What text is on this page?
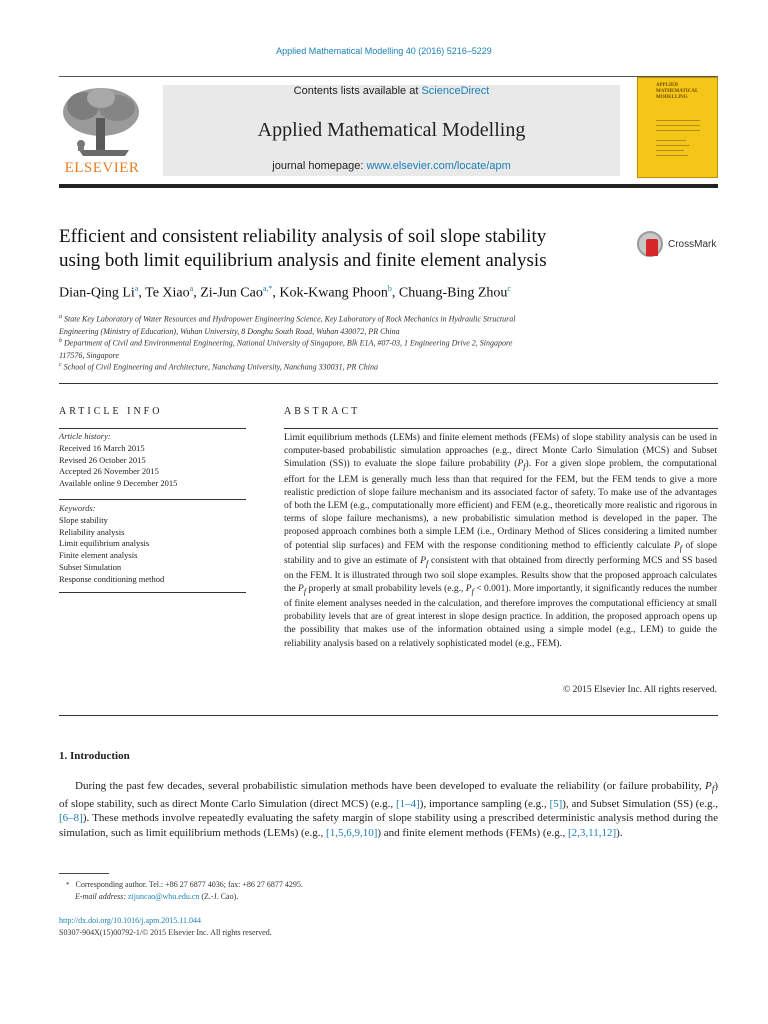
Applied Mathematical Modelling 40 (2016) 5216–5229
ELSEVIER
Contents lists available at ScienceDirect
Applied Mathematical Modelling
journal homepage: www.elsevier.com/locate/apm
APPLIED MATHEMATICAL MODELLING
Efficient and consistent reliability analysis of soil slope stability
using both limit equilibrium analysis and finite element analysis
CrossMark
Dian-Qing Li$^a$, Te Xiao$^a$, Zi-Jun Cao$^{a,*}$, Kok-Kwang Phoon$^b$, Chuang-Bing Zhou$^c$
$^a$ State Key Laboratory of Water Resources and Hydropower Engineering Science, Key Laboratory of Rock Mechanics in Hydraulic Structural
Engineering (Ministry of Education), Wuhan University, 8 Donghu South Road, Wuhan 430072, PR China
$^b$ Department of Civil and Environmental Engineering, National University of Singapore, Blk E1A, #07-03, 1 Engineering Drive 2, Singapore
117576, Singapore
$^c$ School of Civil Engineering and Architecture, Nanchang University, Nanchang 330031, PR China
ARTICLE INFO
Article history:
Received 16 March 2015
Revised 26 October 2015
Accepted 26 November 2015
Available online 9 December 2015
Keywords:
Slope stability
Reliability analysis
Limit equilibrium analysis
Finite element analysis
Subset Simulation
Response conditioning method
ABSTRACT
Limit equilibrium methods (LEMs) and finite element methods (FEMs) of slope stability analysis can be used in computer-based probabilistic simulation approaches (e.g., direct Monte Carlo Simulation (MCS) and Subset Simulation (SS)) to evaluate the slope failure probability $(P_f)$. For a given slope problem, the computational effort for the LEM is generally much less than that required for the FEM, but the FEM tends to give a more realistic prediction of slope failure mechanism and its associated factor of safety. To make use of the advantages of both the LEM (e.g., computationally more efficient) and FEM (e.g., theoretically more realistic and rigorous in terms of slope failure mechanisms), a new probabilistic simulation method is developed in the paper. The proposed approach combines both a simple LEM (i.e., Ordinary Method of Slices considering a limited number of potential slip surfaces) and FEM with the response conditioning method to efficiently calculate $P_f$ of slope stability and to give an estimate of $P_f$ consistent with that obtained from directly performing MCS and SS based on the FEM. It is illustrated through two soil slope examples. Results show that the proposed approach calculates the $P_f$ properly at small probability levels (e.g., $P_f < 0.001$). More importantly, it significantly reduces the number of finite element analyses needed in the calculation, and therefore improves the computational efficiency at small probability levels that are of great interest in slope design practice. In addition, the proposed approach opens up the possibility that makes use of the information obtained using a simple model (e.g., LEM) to guide the reliability analysis based on a relatively sophisticated model (e.g., FEM).
© 2015 Elsevier Inc. All rights reserved.
1. Introduction
During the past few decades, several probabilistic simulation methods have been developed to evaluate the reliability (or failure probability, $P_f$) of slope stability, such as direct Monte Carlo Simulation (direct MCS) (e.g., [1–4]), importance sampling (e.g., [5]), and Subset Simulation (SS) (e.g., [6–8]). These methods involve repeatedly evaluating the safety margin of slope stability using a prescribed deterministic analysis method during the simulation, such as limit equilibrium methods (LEMs) (e.g., [1,5,6,9,10]) and finite element methods (FEMs) (e.g., [2,3,11,12]).
* Corresponding author. Tel.: +86 27 6877 4036; fax: +86 27 6877 4295.
E-mail address: zijuncao@whu.edu.cn (Z.-J. Cao).
http://dx.doi.org/10.1016/j.apm.2015.11.044
S0307-904X(15)00792-1/© 2015 Elsevier Inc. All rights reserved.
